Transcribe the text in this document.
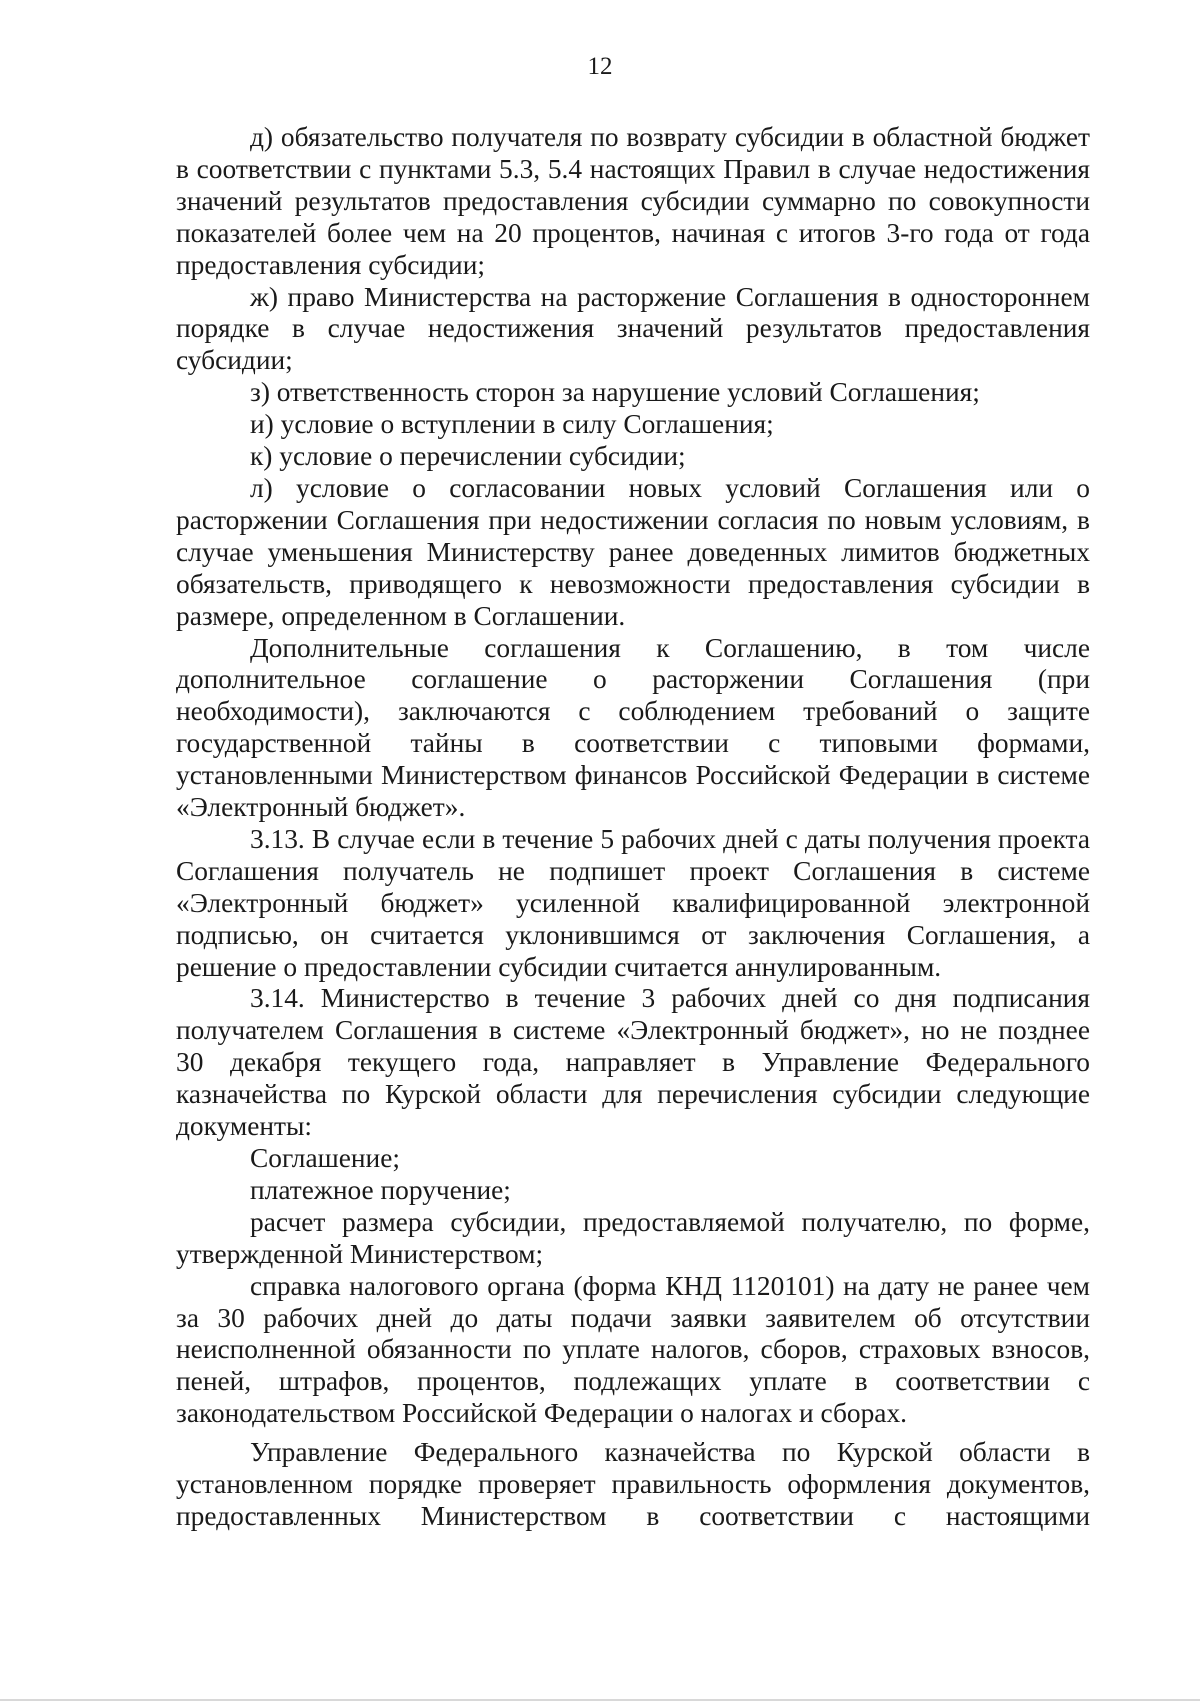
12

д) обязательство получателя по возврату субсидии в областной бюджет в соответствии с пунктами 5.3, 5.4 настоящих Правил в случае недостижения значений результатов предоставления субсидии суммарно по совокупности показателей более чем на 20 процентов, начиная с итогов 3-го года от года предоставления субсидии;

ж) право Министерства на расторжение Соглашения в одностороннем порядке в случае недостижения значений результатов предоставления субсидии;

з) ответственность сторон за нарушение условий Соглашения;

и) условие о вступлении в силу Соглашения;

к) условие о перечислении субсидии;

л) условие о согласовании новых условий Соглашения или о расторжении Соглашения при недостижении согласия по новым условиям, в случае уменьшения Министерству ранее доведенных лимитов бюджетных обязательств, приводящего к невозможности предоставления субсидии в размере, определенном в Соглашении.

Дополнительные соглашения к Соглашению, в том числе дополнительное соглашение о расторжении Соглашения (при необходимости), заключаются с соблюдением требований о защите государственной тайны в соответствии с типовыми формами, установленными Министерством финансов Российской Федерации в системе «Электронный бюджет».

3.13. В случае если в течение 5 рабочих дней с даты получения проекта Соглашения получатель не подпишет проект Соглашения в системе «Электронный бюджет» усиленной квалифицированной электронной подписью, он считается уклонившимся от заключения Соглашения, а решение о предоставлении субсидии считается аннулированным.

3.14. Министерство в течение 3 рабочих дней со дня подписания получателем Соглашения в системе «Электронный бюджет», но не позднее 30 декабря текущего года, направляет в Управление Федерального казначейства по Курской области для перечисления субсидии следующие документы:

Соглашение;

платежное поручение;

расчет размера субсидии, предоставляемой получателю, по форме, утвержденной Министерством;

справка налогового органа (форма КНД 1120101) на дату не ранее чем за 30 рабочих дней до даты подачи заявки заявителем об отсутствии неисполненной обязанности по уплате налогов, сборов, страховых взносов, пеней, штрафов, процентов, подлежащих уплате в соответствии с законодательством Российской Федерации о налогах и сборах.

Управление Федерального казначейства по Курской области в установленном порядке проверяет правильность оформления документов, предоставленных Министерством в соответствии с настоящими
